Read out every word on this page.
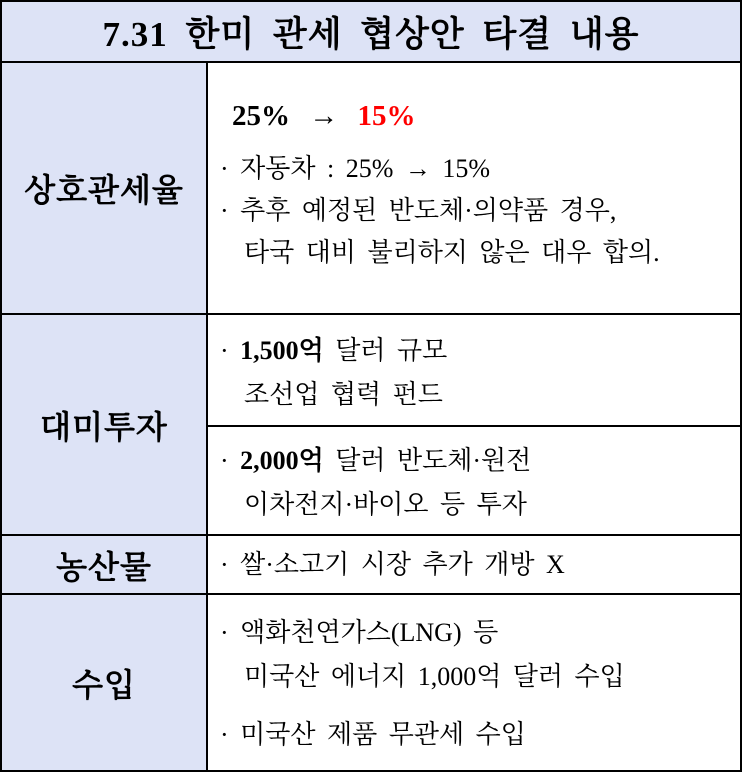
7.31 한미 관세 협상안 타결 내용
상호관세율
25% → 15%
· 자동차 : 25% → 15%
· 추후 예정된 반도체·의약품 경우,
타국 대비 불리하지 않은 대우 합의.
대미투자
· 1,500억 달러 규모
조선업 협력 펀드
· 2,000억 달러 반도체·원전
이차전지·바이오 등 투자
농산물	· 쌀·소고기 시장 추가 개방 X
수입
· 액화천연가스(LNG) 등
미국산 에너지 1,000억 달러 수입
· 미국산 제품 무관세 수입
